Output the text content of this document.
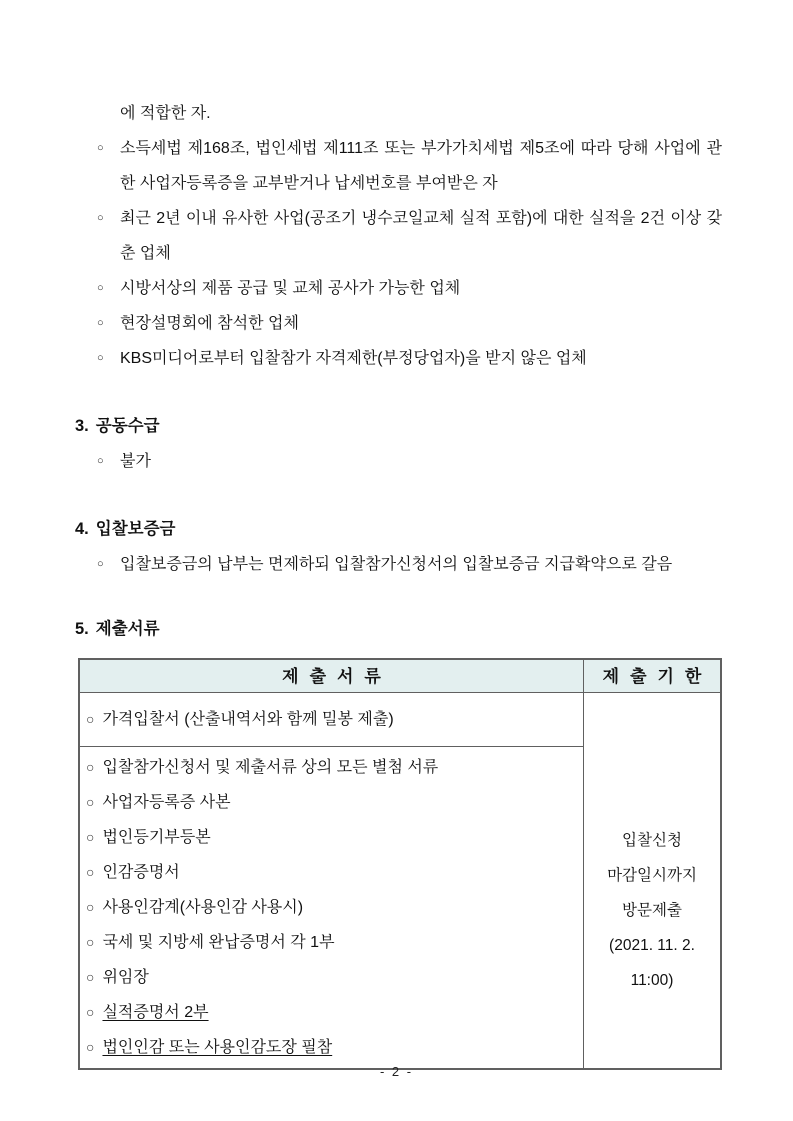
에 적합한 자.
○ 소득세법 제168조, 법인세법 제111조 또는 부가가치세법 제5조에 따라 당해 사업에 관한 사업자등록증을 교부받거나 납세번호를 부여받은 자
○ 최근 2년 이내 유사한 사업(공조기 냉수코일교체 실적 포함)에 대한 실적을 2건 이상 갖춘 업체
○ 시방서상의 제품 공급 및 교체 공사가 가능한 업체
○ 현장설명회에 참석한 업체
○ KBS미디어로부터 입찰참가 자격제한(부정당업자)을 받지 않은 업체
3. 공동수급
○ 불가
4. 입찰보증금
○ 입찰보증금의 납부는 면제하되 입찰참가신청서의 입찰보증금 지급확약으로 갈음
5. 제출서류
제출서류	제출기한
○ 가격입찰서 (산출내역서와 함께 밀봉 제출)
○ 입찰참가신청서 및 제출서류 상의 모든 별첨 서류
○ 사업자등록증 사본
○ 법인등기부등본
○ 인감증명서
○ 사용인감계(사용인감 사용시)
○ 국세 및 지방세 완납증명서 각 1부
○ 위임장
○ 실적증명서 2부
○ 법인인감 또는 사용인감도장 필참
입찰신청
마감일시까지
방문제출
(2021. 11. 2.
11:00)
- 2 -
